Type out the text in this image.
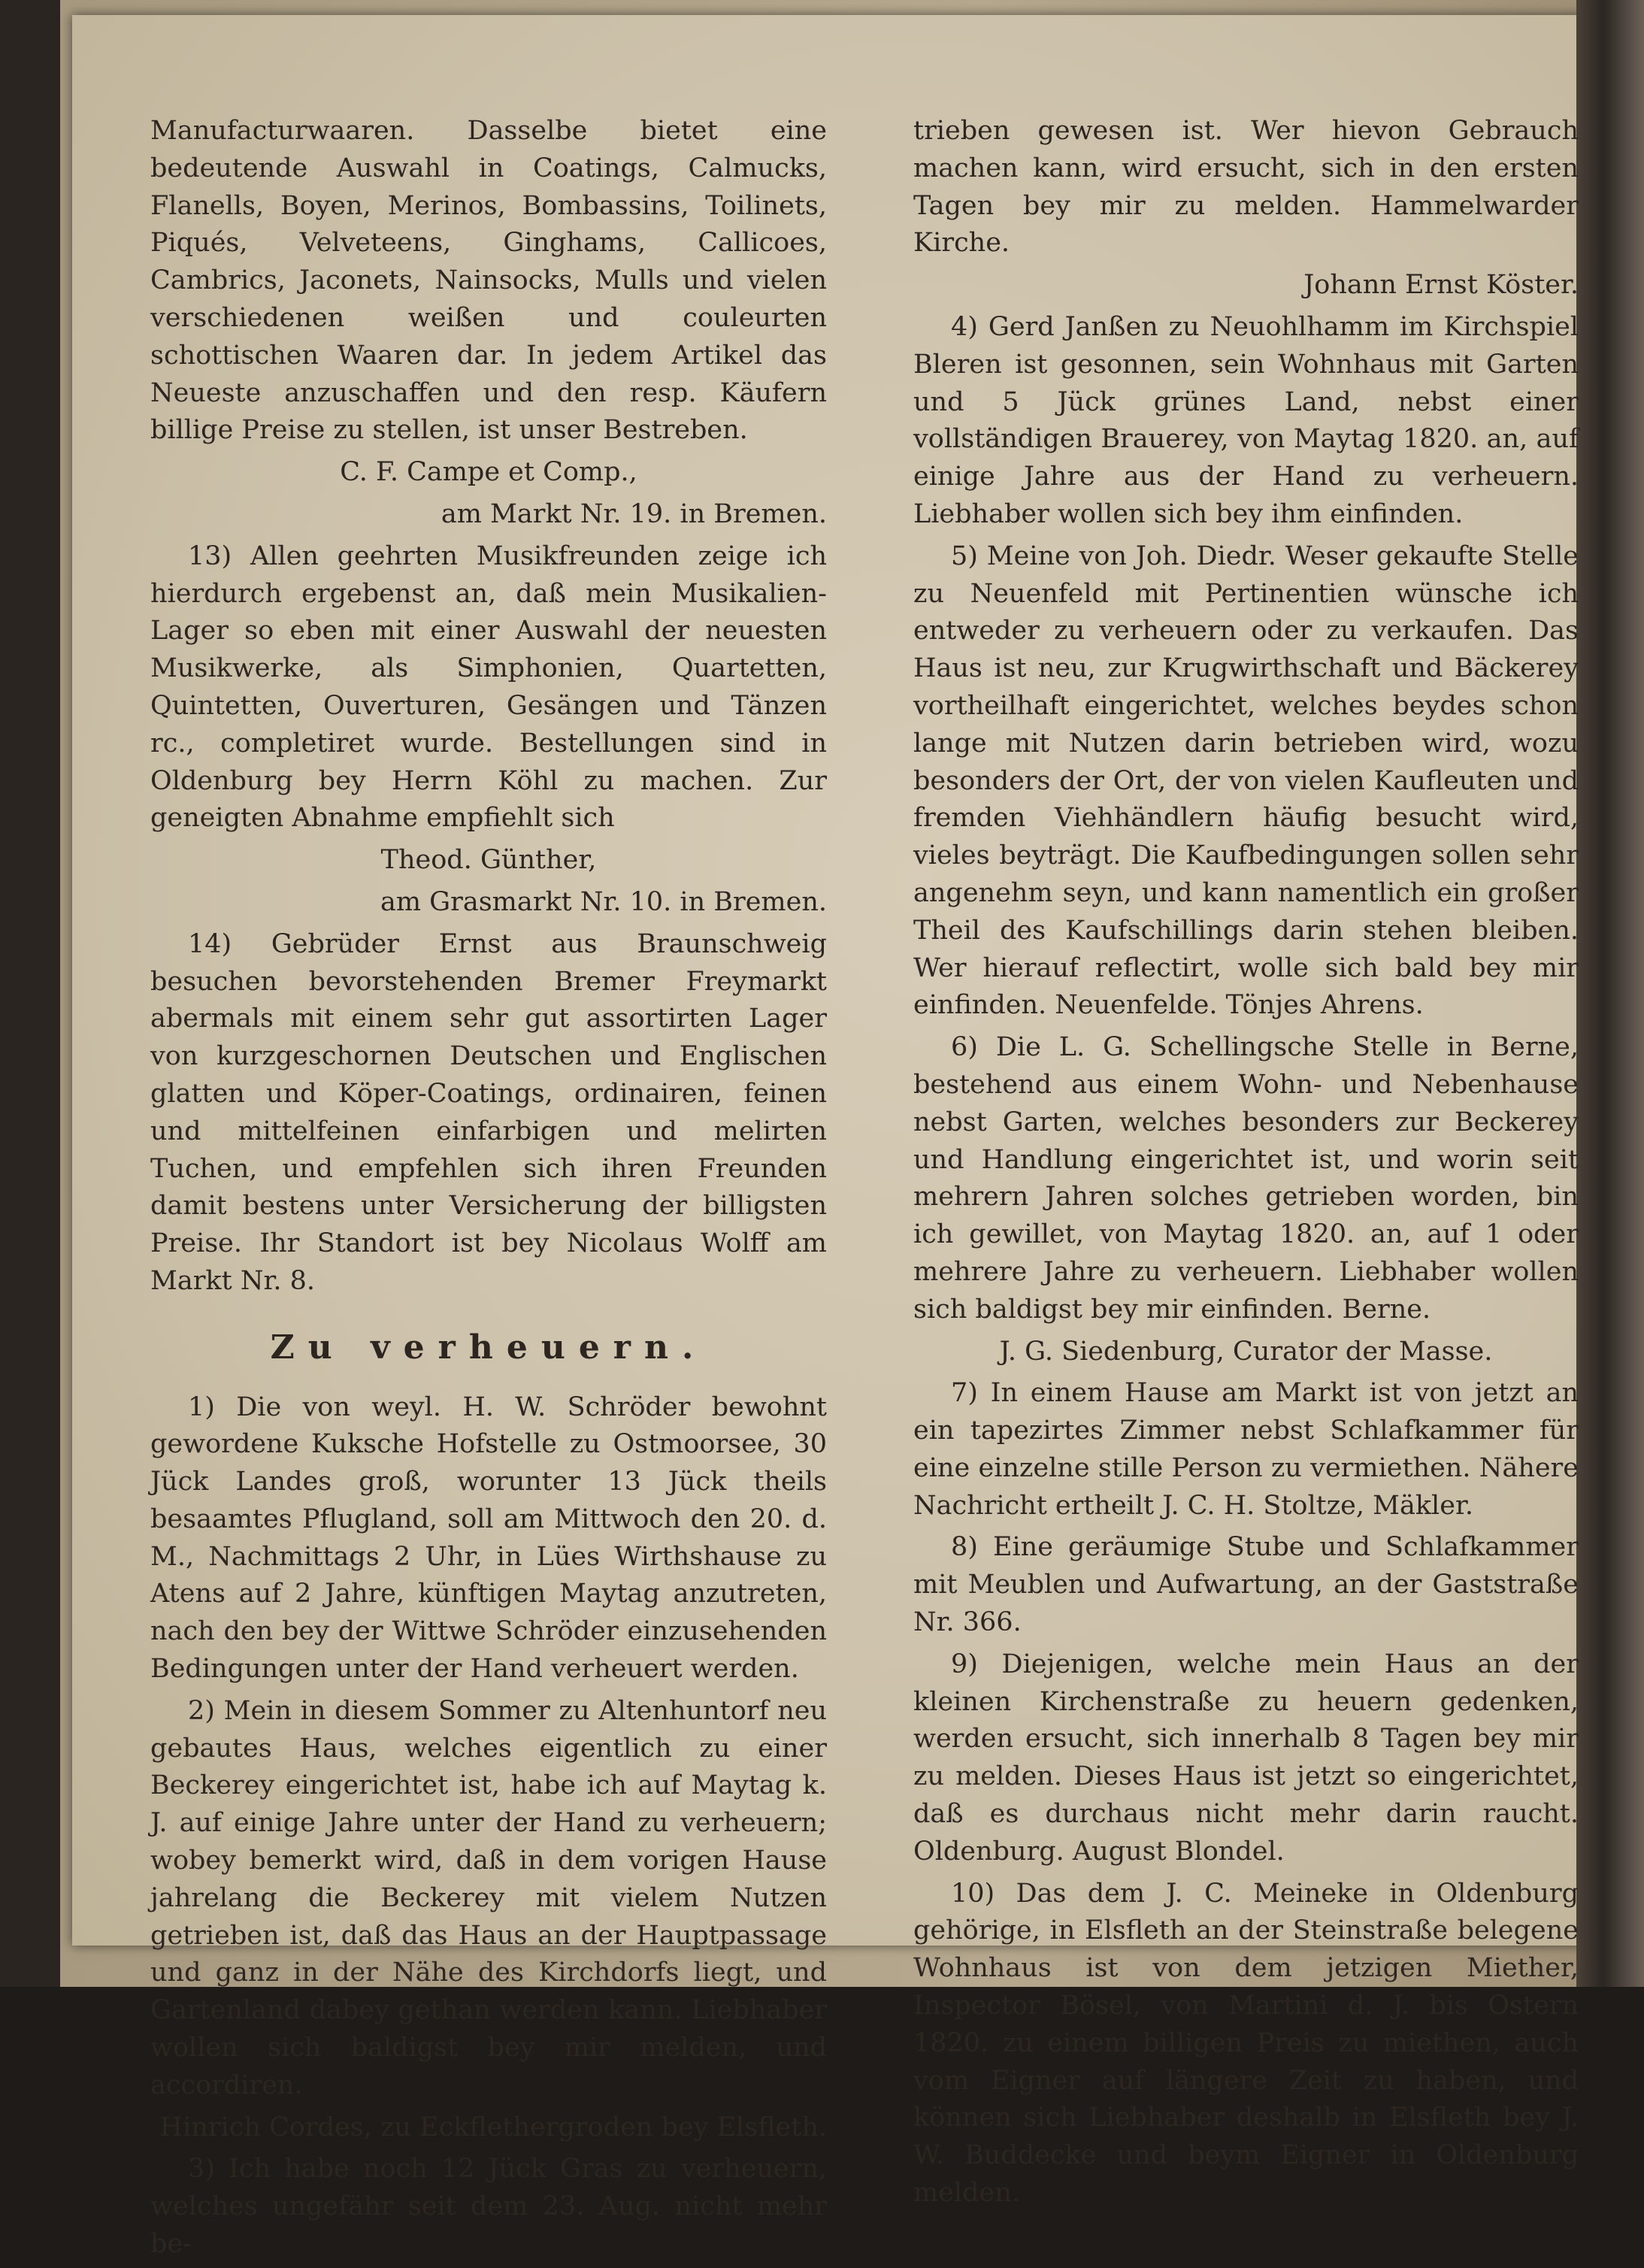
Manufacturwaaren. Dasselbe bietet eine bedeutende Auswahl in Coatings, Calmucks, Flanells, Boyen, Merinos, Bombassins, Toilinets, Piqués, Velveteens, Ginghams, Callicoes, Cambrics, Jaconets, Nainsocks, Mulls und vielen verschiedenen weißen und couleurten schottischen Waaren dar. In jedem Artikel das Neueste anzuschaffen und den resp. Käufern billige Preise zu stellen, ist unser Bestreben.

C. F. Campe et Comp.,

am Markt Nr. 19. in Bremen.

13) Allen geehrten Musikfreunden zeige ich hierdurch ergebenst an, daß mein Musikalien-Lager so eben mit einer Auswahl der neuesten Musikwerke, als Simphonien, Quartetten, Quintetten, Ouverturen, Gesängen und Tänzen rc., completiret wurde. Bestellungen sind in Oldenburg bey Herrn Köhl zu machen. Zur geneigten Abnahme empfiehlt sich

Theod. Günther,

am Grasmarkt Nr. 10. in Bremen.

14) Gebrüder Ernst aus Braunschweig besuchen bevorstehenden Bremer Freymarkt abermals mit einem sehr gut assortirten Lager von kurzgeschornen Deutschen und Englischen glatten und Köper-Coatings, ordinairen, feinen und mittelfeinen einfarbigen und melirten Tuchen, und empfehlen sich ihren Freunden damit bestens unter Versicherung der billigsten Preise. Ihr Standort ist bey Nicolaus Wolff am Markt Nr. 8.

Zu verheuern.

1) Die von weyl. H. W. Schröder bewohnt gewordene Kuksche Hofstelle zu Ostmoorsee, 30 Jück Landes groß, worunter 13 Jück theils besaamtes Pflugland, soll am Mittwoch den 20. d. M., Nachmittags 2 Uhr, in Lües Wirthshause zu Atens auf 2 Jahre, künftigen Maytag anzutreten, nach den bey der Wittwe Schröder einzusehenden Bedingungen unter der Hand verheuert werden.

2) Mein in diesem Sommer zu Altenhuntorf neu gebautes Haus, welches eigentlich zu einer Beckerey eingerichtet ist, habe ich auf Maytag k. J. auf einige Jahre unter der Hand zu verheuern; wobey bemerkt wird, daß in dem vorigen Hause jahrelang die Beckerey mit vielem Nutzen getrieben ist, daß das Haus an der Hauptpassage und ganz in der Nähe des Kirchdorfs liegt, und Gartenland dabey gethan werden kann. Liebhaber wollen sich baldigst bey mir melden, und accordiren.

Hinrich Cordes, zu Eckflethergroden bey Elsfleth.

3) Ich habe noch 12 Jück Gras zu verheuern, welches ungefähr seit dem 23. Aug. nicht mehr be-

trieben gewesen ist. Wer hievon Gebrauch machen kann, wird ersucht, sich in den ersten Tagen bey mir zu melden. Hammelwarder Kirche.

Johann Ernst Köster.

4) Gerd Janßen zu Neuohlhamm im Kirchspiel Bleren ist gesonnen, sein Wohnhaus mit Garten und 5 Jück grünes Land, nebst einer vollständigen Brauerey, von Maytag 1820. an, auf einige Jahre aus der Hand zu verheuern. Liebhaber wollen sich bey ihm einfinden.

5) Meine von Joh. Diedr. Weser gekaufte Stelle zu Neuenfeld mit Pertinentien wünsche ich entweder zu verheuern oder zu verkaufen. Das Haus ist neu, zur Krugwirthschaft und Bäckerey vortheilhaft eingerichtet, welches beydes schon lange mit Nutzen darin betrieben wird, wozu besonders der Ort, der von vielen Kaufleuten und fremden Viehhändlern häufig besucht wird, vieles beyträgt. Die Kaufbedingungen sollen sehr angenehm seyn, und kann namentlich ein großer Theil des Kaufschillings darin stehen bleiben. Wer hierauf reflectirt, wolle sich bald bey mir einfinden. Neuenfelde. Tönjes Ahrens.

6) Die L. G. Schellingsche Stelle in Berne, bestehend aus einem Wohn- und Nebenhause nebst Garten, welches besonders zur Beckerey und Handlung eingerichtet ist, und worin seit mehrern Jahren solches getrieben worden, bin ich gewillet, von Maytag 1820. an, auf 1 oder mehrere Jahre zu verheuern. Liebhaber wollen sich baldigst bey mir einfinden. Berne.

J. G. Siedenburg, Curator der Masse.

7) In einem Hause am Markt ist von jetzt an ein tapezirtes Zimmer nebst Schlafkammer für eine einzelne stille Person zu vermiethen. Nähere Nachricht ertheilt J. C. H. Stoltze, Mäkler.

8) Eine geräumige Stube und Schlafkammer mit Meublen und Aufwartung, an der Gaststraße Nr. 366.

9) Diejenigen, welche mein Haus an der kleinen Kirchenstraße zu heuern gedenken, werden ersucht, sich innerhalb 8 Tagen bey mir zu melden. Dieses Haus ist jetzt so eingerichtet, daß es durchaus nicht mehr darin raucht. Oldenburg. August Blondel.

10) Das dem J. C. Meineke in Oldenburg gehörige, in Elsfleth an der Steinstraße belegene Wohnhaus ist von dem jetzigen Miether, Inspector Bösel, von Martini d. J. bis Ostern 1820. zu einem billigen Preis zu miethen, auch vom Eigner auf längere Zeit zu haben, und können sich Liebhaber deshalb in Elsfleth bey J. W. Buddecke und beym Eigner in Oldenburg melden.
